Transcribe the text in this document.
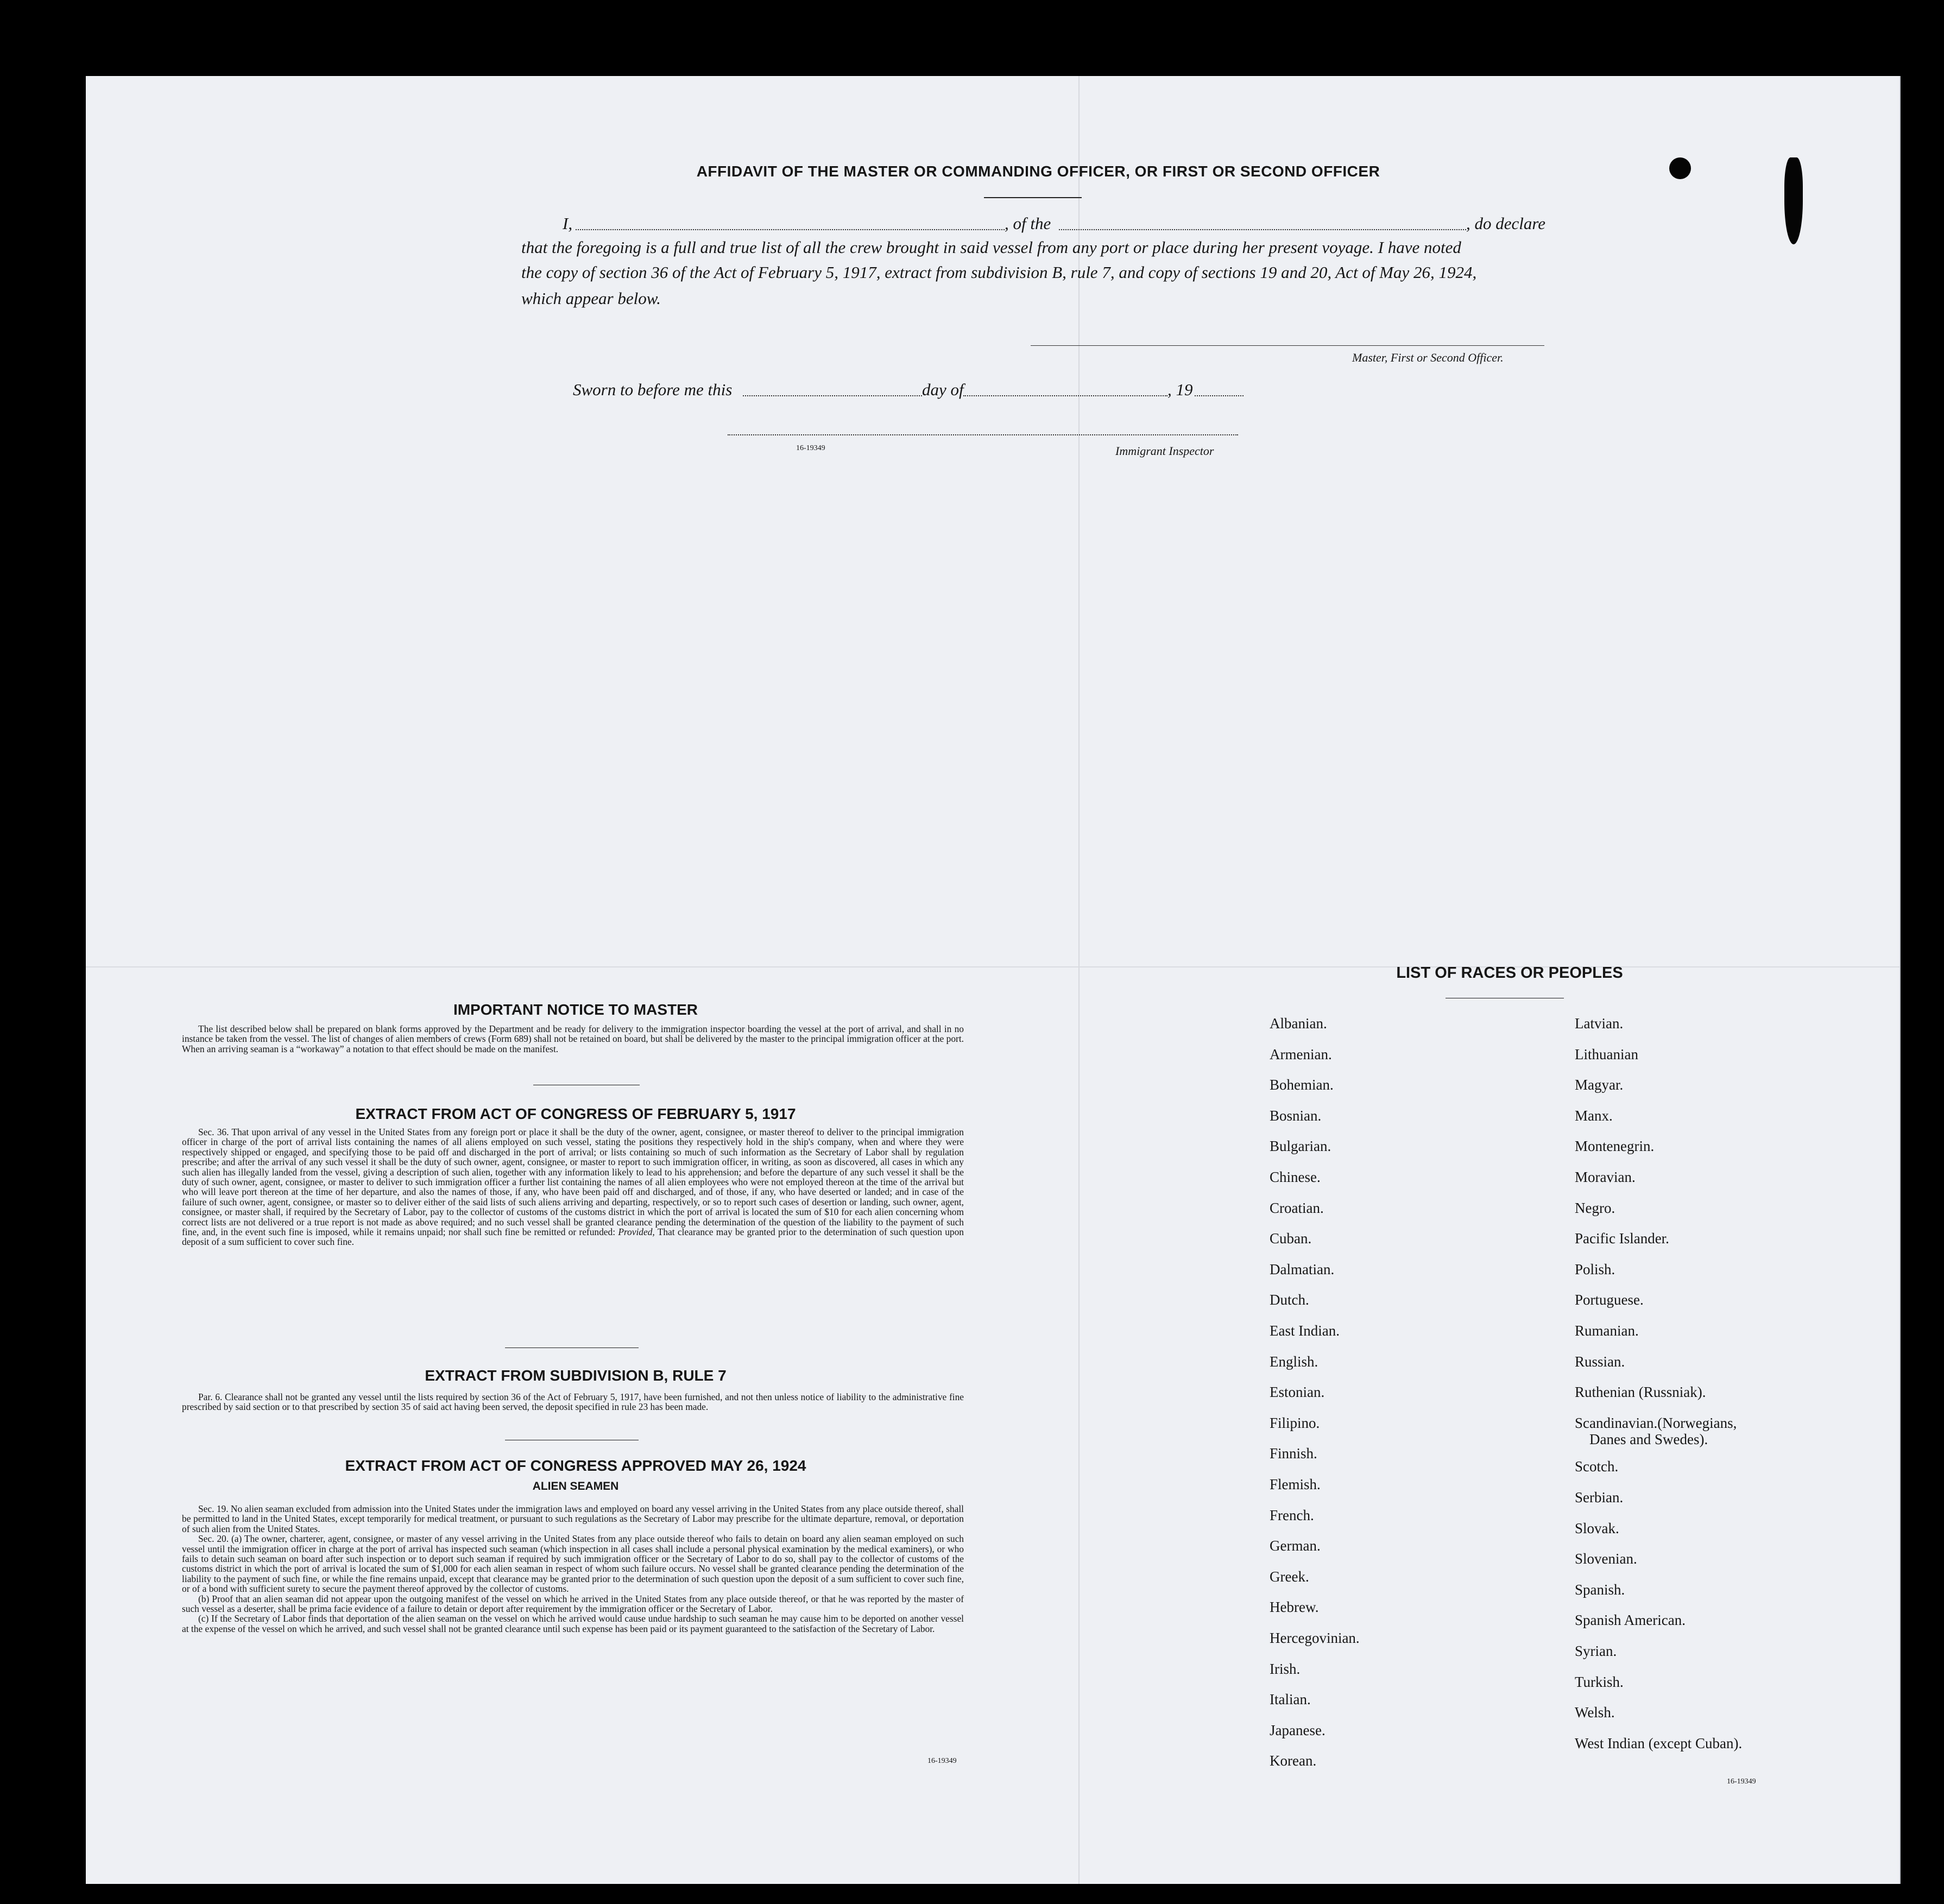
AFFIDAVIT OF THE MASTER OR COMMANDING OFFICER, OR FIRST OR SECOND OFFICER
I,	, of the	, do declare
that the foregoing is a full and true list of all the crew brought in said vessel from any port or place during her present voyage. I have noted
the copy of section 36 of the Act of February 5, 1917, extract from subdivision B, rule 7, and copy of sections 19 and 20, Act of May 26, 1924,
which appear below.
Master, First or Second Officer.
Sworn to before me this	day of	, 19
16-19349	Immigrant Inspector
IMPORTANT NOTICE TO MASTER

The list described below shall be prepared on blank forms approved by the Department and be ready for delivery to the immigration inspector boarding the vessel at the port of arrival, and shall in no instance be taken from the vessel. The list of changes of alien members of crews (Form 689) shall not be retained on board, but shall be delivered by the master to the principal immigration officer at the port. When an arriving seaman is a “workaway” a notation to that effect should be made on the manifest.

EXTRACT FROM ACT OF CONGRESS OF FEBRUARY 5, 1917

Sec. 36. That upon arrival of any vessel in the United States from any foreign port or place it shall be the duty of the owner, agent, consignee, or master thereof to deliver to the principal immigration officer in charge of the port of arrival lists containing the names of all aliens employed on such vessel, stating the positions they respectively hold in the ship's company, when and where they were respectively shipped or engaged, and specifying those to be paid off and discharged in the port of arrival; or lists containing so much of such information as the Secretary of Labor shall by regulation prescribe; and after the arrival of any such vessel it shall be the duty of such owner, agent, consignee, or master to report to such immigration officer, in writing, as soon as discovered, all cases in which any such alien has illegally landed from the vessel, giving a description of such alien, together with any information likely to lead to his apprehension; and before the departure of any such vessel it shall be the duty of such owner, agent, consignee, or master to deliver to such immigration officer a further list containing the names of all alien employees who were not employed thereon at the time of the arrival but who will leave port thereon at the time of her departure, and also the names of those, if any, who have been paid off and discharged, and of those, if any, who have deserted or landed; and in case of the failure of such owner, agent, consignee, or master so to deliver either of the said lists of such aliens arriving and departing, respectively, or so to report such cases of desertion or landing, such owner, agent, consignee, or master shall, if required by the Secretary of Labor, pay to the collector of customs of the customs district in which the port of arrival is located the sum of $10 for each alien concerning whom correct lists are not delivered or a true report is not made as above required; and no such vessel shall be granted clearance pending the determination of the question of the liability to the payment of such fine, and, in the event such fine is imposed, while it remains unpaid; nor shall such fine be remitted or refunded: Provided, That clearance may be granted prior to the determination of such question upon deposit of a sum sufficient to cover such fine.

EXTRACT FROM SUBDIVISION B, RULE 7

Par. 6. Clearance shall not be granted any vessel until the lists required by section 36 of the Act of February 5, 1917, have been furnished, and not then unless notice of liability to the administrative fine prescribed by said section or to that prescribed by section 35 of said act having been served, the deposit specified in rule 23 has been made.

EXTRACT FROM ACT OF CONGRESS APPROVED MAY 26, 1924
ALIEN SEAMEN

Sec. 19. No alien seaman excluded from admission into the United States under the immigration laws and employed on board any vessel arriving in the United States from any place outside thereof, shall be permitted to land in the United States, except temporarily for medical treatment, or pursuant to such regulations as the Secretary of Labor may prescribe for the ultimate departure, removal, or deportation of such alien from the United States.

Sec. 20. (a) The owner, charterer, agent, consignee, or master of any vessel arriving in the United States from any place outside thereof who fails to detain on board any alien seaman employed on such vessel until the immigration officer in charge at the port of arrival has inspected such seaman (which inspection in all cases shall include a personal physical examination by the medical examiners), or who fails to detain such seaman on board after such inspection or to deport such seaman if required by such immigration officer or the Secretary of Labor to do so, shall pay to the collector of customs of the customs district in which the port of arrival is located the sum of $1,000 for each alien seaman in respect of whom such failure occurs. No vessel shall be granted clearance pending the determination of the liability to the payment of such fine, or while the fine remains unpaid, except that clearance may be granted prior to the determination of such question upon the deposit of a sum sufficient to cover such fine, or of a bond with sufficient surety to secure the payment thereof approved by the collector of customs.

(b) Proof that an alien seaman did not appear upon the outgoing manifest of the vessel on which he arrived in the United States from any place outside thereof, or that he was reported by the master of such vessel as a deserter, shall be prima facie evidence of a failure to detain or deport after requirement by the immigration officer or the Secretary of Labor.

(c) If the Secretary of Labor finds that deportation of the alien seaman on the vessel on which he arrived would cause undue hardship to such seaman he may cause him to be deported on another vessel at the expense of the vessel on which he arrived, and such vessel shall not be granted clearance until such expense has been paid or its payment guaranteed to the satisfaction of the Secretary of Labor.

16-19349
LIST OF RACES OR PEOPLES
Albanian.
Armenian.
Bohemian.
Bosnian.
Bulgarian.
Chinese.
Croatian.
Cuban.
Dalmatian.
Dutch.
East Indian.
English.
Estonian.
Filipino.
Finnish.
Flemish.
French.
German.
Greek.
Hebrew.
Hercegovinian.
Irish.
Italian.
Japanese.
Korean.
Latvian.
Lithuanian
Magyar.
Manx.
Montenegrin.
Moravian.
Negro.
Pacific Islander.
Polish.
Portuguese.
Rumanian.
Russian.
Ruthenian (Russniak).
Scandinavian.(Norwegians,
Danes and Swedes).
Scotch.
Serbian.
Slovak.
Slovenian.
Spanish.
Spanish American.
Syrian.
Turkish.
Welsh.
West Indian (except Cuban).
16-19349
